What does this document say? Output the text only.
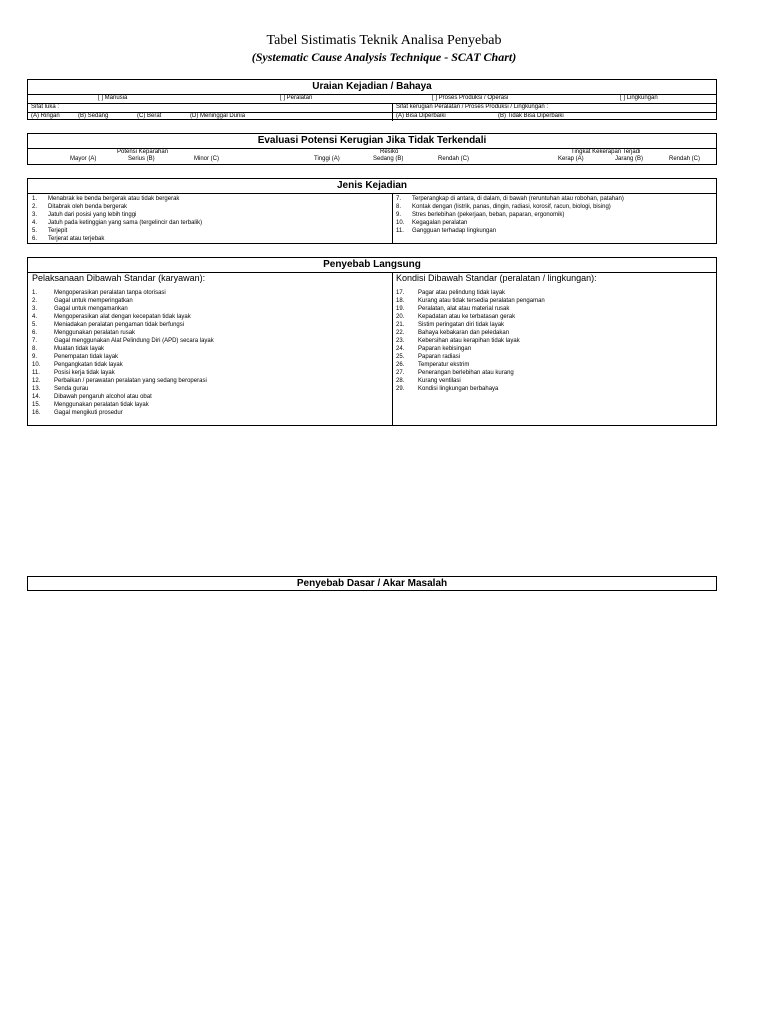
Tabel Sistimatis Teknik Analisa Penyebab
(Systematic Cause Analysis Technique - SCAT Chart)
Uraian Kejadian / Bahaya
[ ] Manusia	[ ] Peralatan	[ ] Proses Produksi / Operasi	[ ] Lingkungan
Sifat luka :	Sifat kerugian Peralatan / Proses Produksi / Lingkungan :
(A) Ringan	(B) Sedang	(C) Berat	(D) Meninggal Dunia	(A) Bisa Diperbaiki	(B) Tidak Bisa Diperbaiki
Evaluasi Potensi Kerugian Jika Tidak Terkendali
Potensi Keparahan	Resiko	Tingkat Kekerapan Terjadi
Mayor (A)	Serius (B)	Minor (C)	Tinggi (A)	Sedang (B)	Rendah (C)	Kerap (A)	Jarang (B)	Rendah (C)
Jenis Kejadian
1. Menabrak ke benda bergerak atau tidak bergerak
2. Ditabrak oleh benda bergerak
3. Jatuh dari posisi yang lebih tinggi
4. Jatuh pada ketinggian yang sama (tergelincir dan terbalik)
5. Terjepit
6. Terjerat atau terjebak
7. Terperangkap di antara, di dalam, di bawah (reruntuhan atau robohan, patahan)
8. Kontak dengan (listrik, panas, dingin, radiasi, korosif, racun, biologi, bising)
9. Stres berlebihan (pekerjaan, beban, paparan, ergonomik)
10. Kegagalan peralatan
11. Gangguan terhadap lingkungan
Penyebab Langsung
Pelaksanaan Dibawah Standar (karyawan):
1.	Mengoperasikan peralatan tanpa otorisasi
2.	Gagal untuk memperingatkan
3.	Gagal untuk mengamankan
4.	Mengoperasikan alat dengan kecepatan tidak layak
5.	Meniadakan peralatan pengaman tidak berfungsi
6.	Menggunakan peralatan rusak
7.	Gagal menggunakan Alat Pelindung Diri (APD) secara layak
8.	Muatan tidak layak
9.	Penempatan tidak layak
10. Pengangkatan tidak layak
11. Posisi kerja tidak layak
12. Perbaikan / perawatan peralatan yang sedang beroperasi
13. Senda gurau
14. Dibawah pengaruh alcohol atau obat
15. Menggunakan peralatan tidak layak
16. Gagal mengikuti prosedur
Kondisi Dibawah Standar (peralatan / lingkungan):
17. Pagar atau pelindung tidak layak
18. Kurang atau tidak tersedia peralatan pengaman
19. Peralatan, alat atau material rusak
20. Kepadatan atau ke terbatasan gerak
21. Sistim peringatan diri tidak layak
22. Bahaya kebakaran dan peledakan
23. Kebersihan atau kerapihan tidak layak
24. Paparan kebisingan
25. Paparan radiasi
26. Temperatur ekstrim
27. Penerangan berlebihan atau kurang
28. Kurang ventilasi
29. Kondisi lingkungan berbahaya
Penyebab Dasar / Akar Masalah
